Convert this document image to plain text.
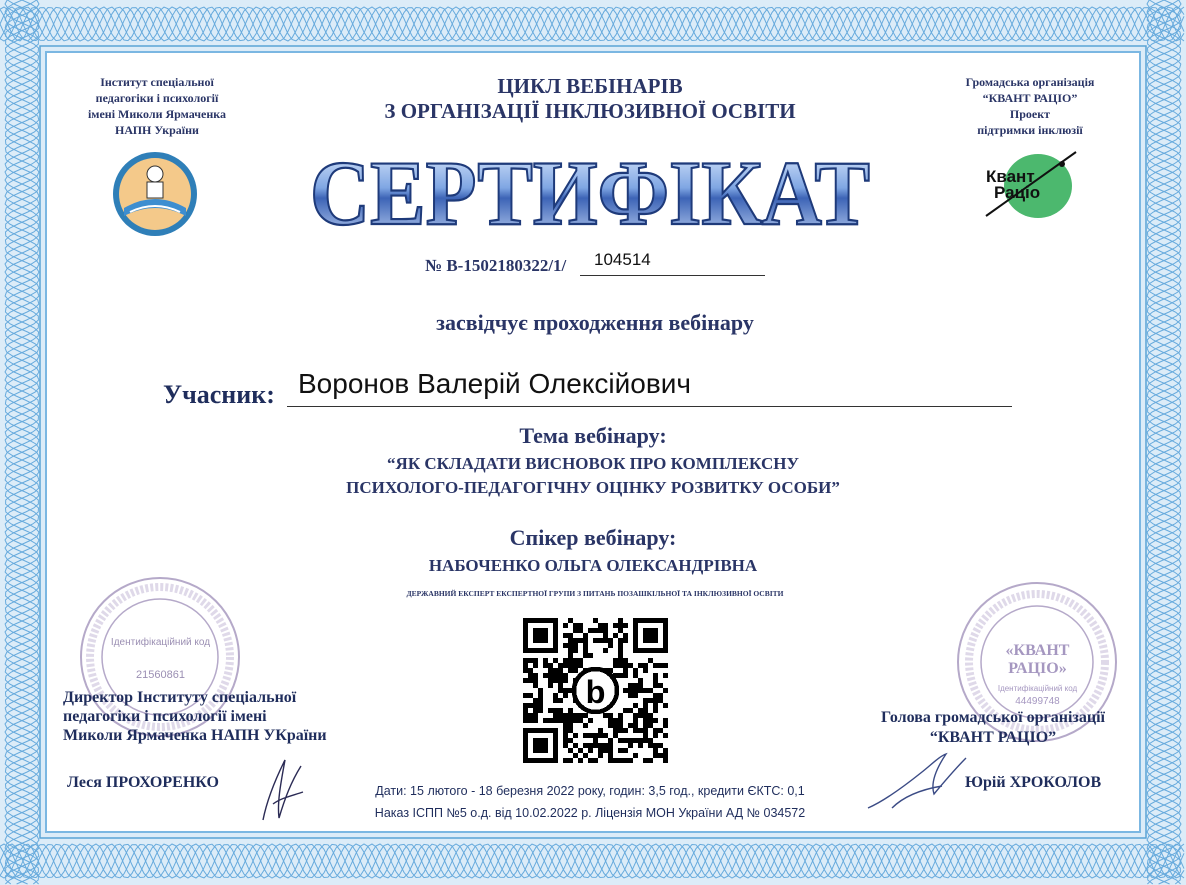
Інститут спеціальної
педагогіки і психології
імені Миколи Ярмаченка
НАПН України
ЦИКЛ ВЕБІНАРІВ
З ОРГАНІЗАЦІЇ ІНКЛЮЗИВНОЇ ОСВІТИ
СЕРТИФІКАТ
Громадська організація
“КВАНТ РАЦІО”
Проект
підтримки інклюзії
Квант
Раціо
№ B-1502180322/1/ 104514
засвідчує проходження вебінару
Учасник: Воронов Валерій Олексійович
Тема вебінару:
“ЯК СКЛАДАТИ ВИСНОВОК ПРО КОМПЛЕКСНУ
ПСИХОЛОГО-ПЕДАГОГІЧНУ ОЦІНКУ РОЗВИТКУ ОСОБИ”
Спікер вебінару:
НАБОЧЕНКО ОЛЬГА ОЛЕКСАНДРІВНА
ДЕРЖАВНИЙ ЕКСПЕРТ ЕКСПЕРТНОЇ ГРУПИ З ПИТАНЬ ПОЗАШКІЛЬНОЇ ТА ІНКЛЮЗИВНОЇ ОСВІТИ
Ідентифікаційний код
21560861
«КВАНТ РАЦІО»
Ідентифікаційний код
44499748
b
Директор Інституту спеціальної
педагогіки і психології імені
Миколи Ярмаченка НАПН УКраїни
Леся ПРОХОРЕНКО
Голова громадської організації
“КВАНТ РАЦІО”
Юрій ХРОКОЛОВ
Дати: 15 лютого - 18 березня 2022 року, годин: 3,5 год., кредити ЄКТС: 0,1
Наказ ІСПП №5 о.д. від 10.02.2022 р. Ліцензія МОН України АД № 034572
